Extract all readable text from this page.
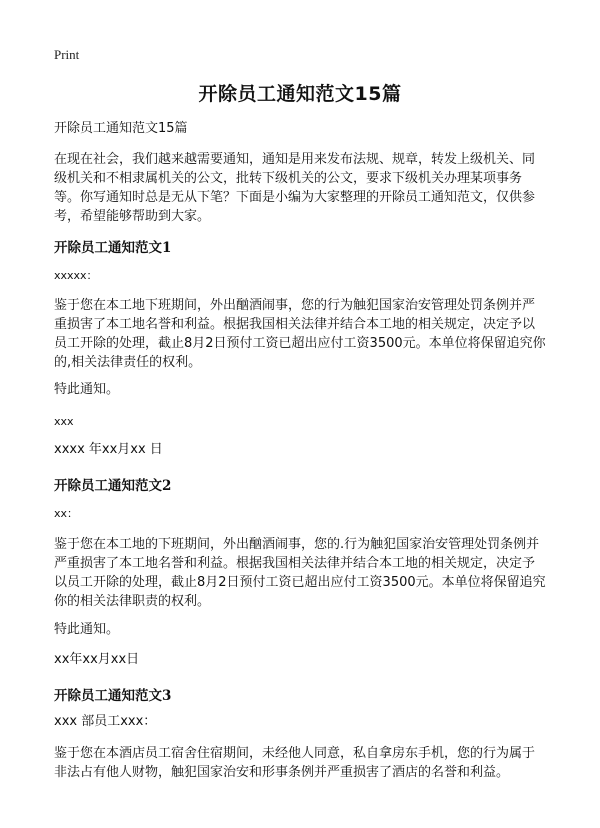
Print
开除员工通知范文15篇
开除员工通知范文15篇
在现在社会，我们越来越需要通知，通知是用来发布法规、规章，转发上级机关、同级机关和不相隶属机关的公文，批转下级机关的公文，要求下级机关办理某项事务等。你写通知时总是无从下笔？下面是小编为大家整理的开除员工通知范文，仅供参考，希望能够帮助到大家。
开除员工通知范文1
xxxxx：
鉴于您在本工地下班期间，外出酗酒闹事，您的行为触犯国家治安管理处罚条例并严重损害了本工地名誉和利益。根据我国相关法律并结合本工地的相关规定，决定予以员工开除的处理，截止8月2日预付工资已超出应付工资3500元。本单位将保留追究你的,相关法律责任的权利。
特此通知。
xxx
xxxx 年xx月xx 日
开除员工通知范文2
xx：
鉴于您在本工地的下班期间，外出酗酒闹事，您的.行为触犯国家治安管理处罚条例并严重损害了本工地名誉和利益。根据我国相关法律并结合本工地的相关规定，决定予以员工开除的处理，截止8月2日预付工资已超出应付工资3500元。本单位将保留追究你的相关法律职责的权利。
特此通知。
xx年xx月xx日
开除员工通知范文3
xxx 部员工xxx：
鉴于您在本酒店员工宿舍住宿期间，未经他人同意，私自拿房东手机，您的行为属于非法占有他人财物，触犯国家治安和形事条例并严重损害了酒店的名誉和利益。
